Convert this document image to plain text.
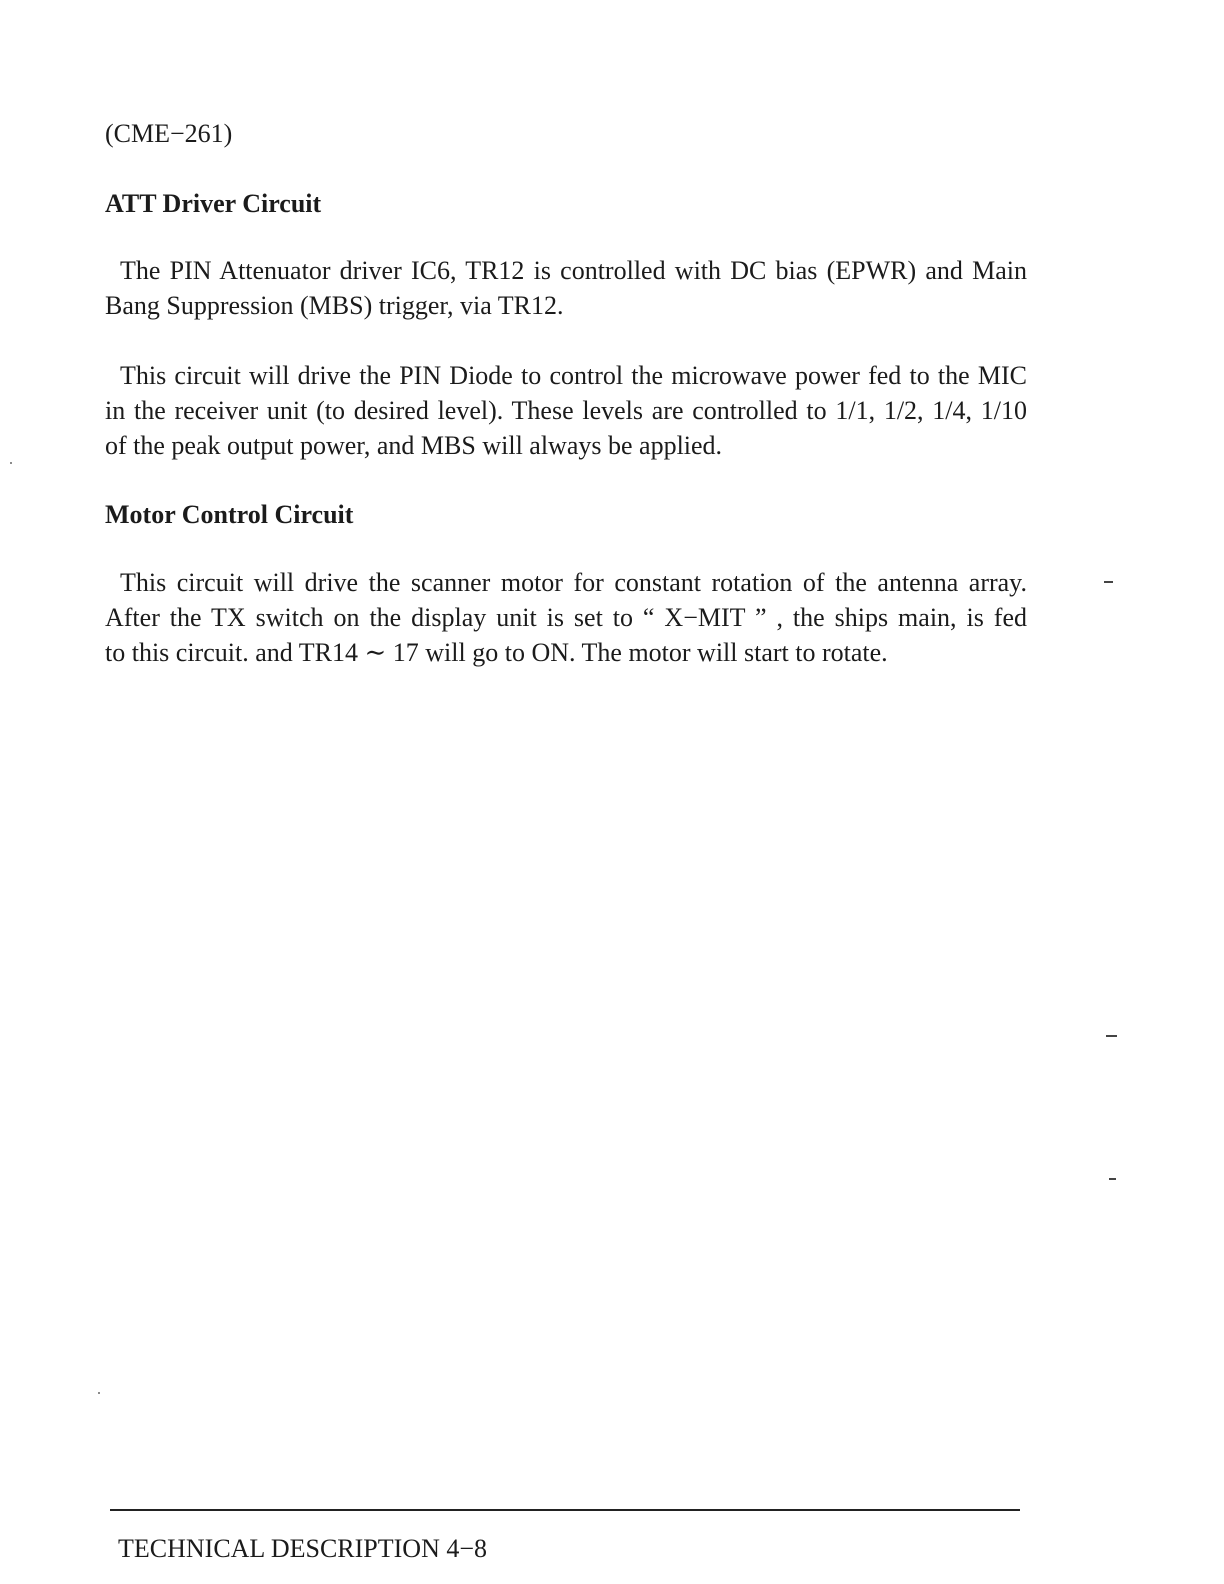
(CME−261)
ATT Driver Circuit
The PIN Attenuator driver IC6, TR12 is controlled with DC bias (EPWR) and Main
Bang Suppression (MBS) trigger, via TR12.
This circuit will drive the PIN Diode to control the microwave power fed to the MIC
in the receiver unit (to desired level). These levels are controlled to 1/1, 1/2, 1/4, 1/10
of the peak output power, and MBS will always be applied.
Motor Control Circuit
This circuit will drive the scanner motor for constant rotation of the antenna array.
After the TX switch on the display unit is set to “ X−MIT ” , the ships main, is fed
to this circuit. and TR14 ∼ 17 will go to ON. The motor will start to rotate.
TECHNICAL DESCRIPTION 4−8
